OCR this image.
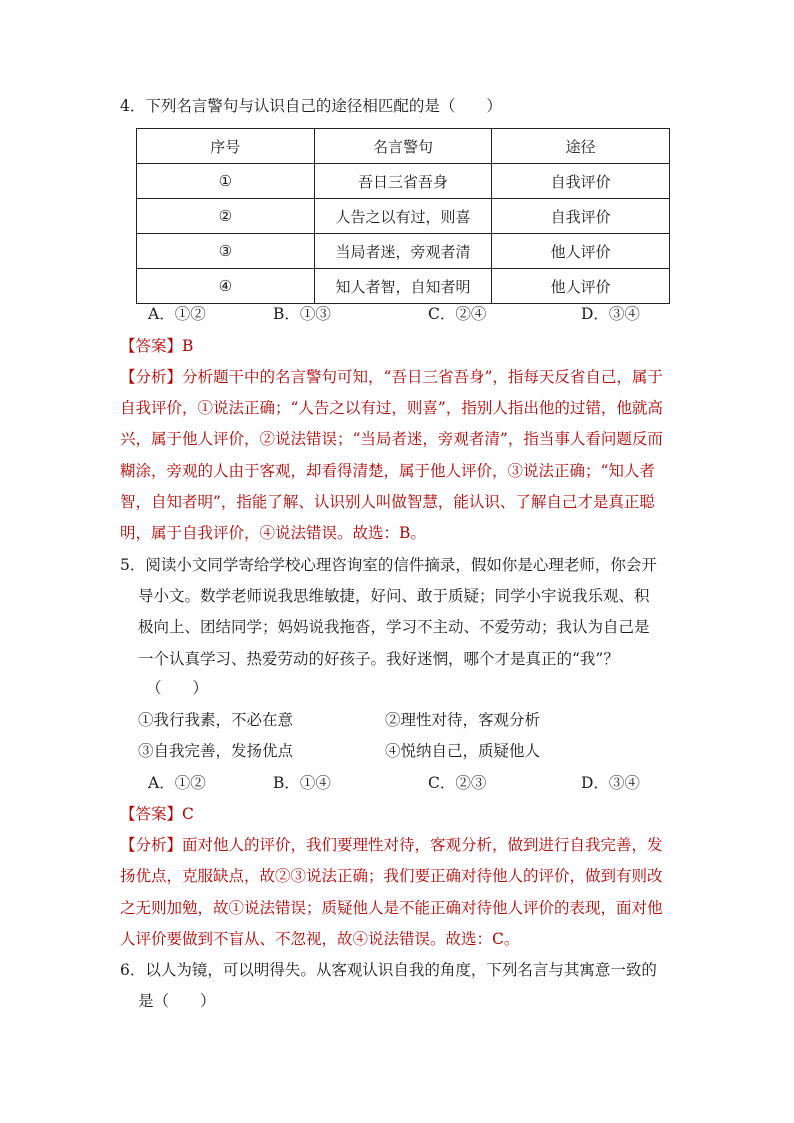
4．下列名言警句与认识自己的途径相匹配的是（　　）
序号	名言警句	途径
①	吾日三省吾身	自我评价
②	人告之以有过，则喜	自我评价
③	当局者迷，旁观者清	他人评价
④	知人者智，自知者明	他人评价
A．①②	B．①③	C．②④	D．③④
【答案】B
【分析】分析题干中的名言警句可知，“吾日三省吾身”，指每天反省自己，属于
自我评价，①说法正确；“人告之以有过，则喜”，指别人指出他的过错，他就高
兴，属于他人评价，②说法错误；“当局者迷，旁观者清”，指当事人看问题反而
糊涂，旁观的人由于客观，却看得清楚，属于他人评价，③说法正确；“知人者
智，自知者明”，指能了解、认识别人叫做智慧，能认识、了解自己才是真正聪
明，属于自我评价，④说法错误。故选：B。
5．阅读小文同学寄给学校心理咨询室的信件摘录，假如你是心理老师，你会开
导小文。数学老师说我思维敏捷，好问、敢于质疑；同学小宇说我乐观、积
极向上、团结同学；妈妈说我拖沓，学习不主动、不爱劳动；我认为自己是
一个认真学习、热爱劳动的好孩子。我好迷惘，哪个才是真正的“我”？
（　　）
①我行我素，不必在意	②理性对待，客观分析
③自我完善，发扬优点	④悦纳自己，质疑他人
A．①②	B．①④	C．②③	D．③④
【答案】C
【分析】面对他人的评价，我们要理性对待，客观分析，做到进行自我完善，发
扬优点，克服缺点，故②③说法正确；我们要正确对待他人的评价，做到有则改
之无则加勉，故①说法错误；质疑他人是不能正确对待他人评价的表现，面对他
人评价要做到不盲从、不忽视，故④说法错误。故选：C。
6．以人为镜，可以明得失。从客观认识自我的角度，下列名言与其寓意一致的
是（　　）
